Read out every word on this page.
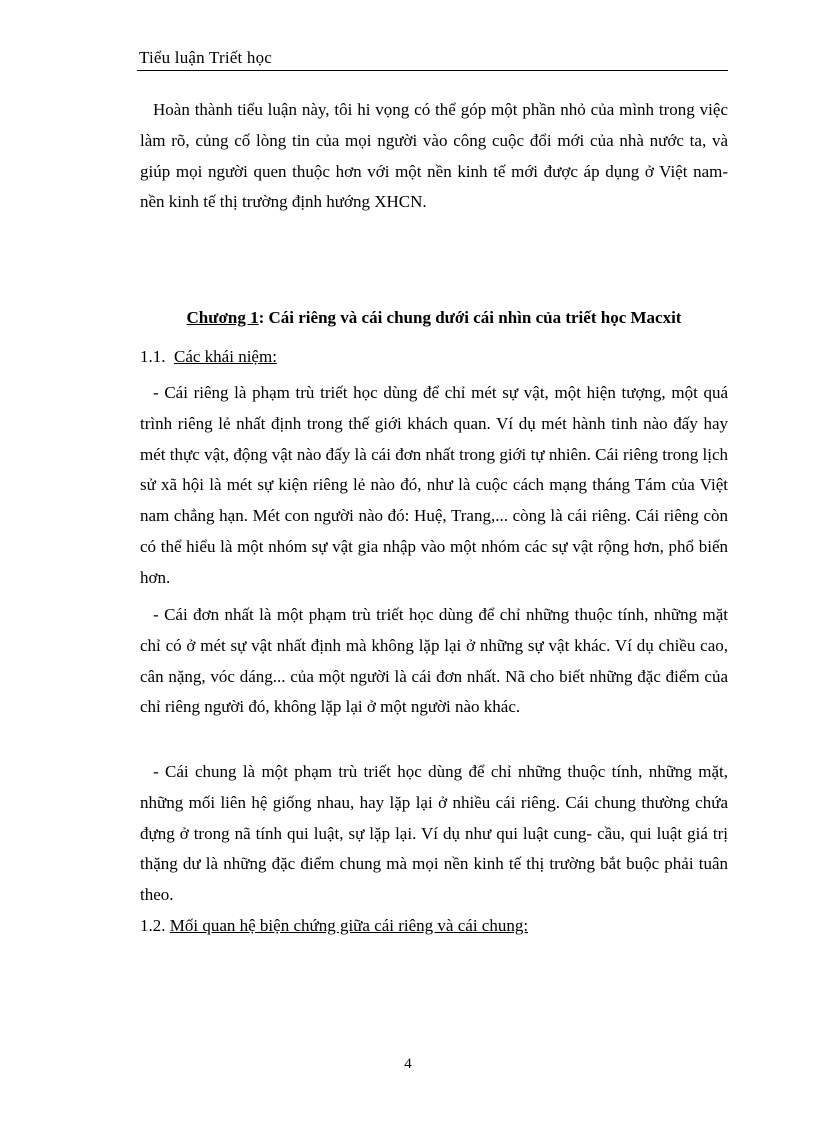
Tiểu luận Triết học

Hoàn thành tiểu luận này, tôi hi vọng có thể góp một phần nhỏ của mình trong việc làm rõ, củng cố lòng tin của mọi người vào công cuộc đổi mới của nhà nước ta, và giúp mọi người quen thuộc hơn với một nền kinh tế mới được áp dụng ở Việt nam- nền kinh tế thị trường định hướng XHCN.

Chương 1: Cái riêng và cái chung dưới cái nhìn của triết học Macxit
1.1. Các khái niệm:

- Cái riêng là phạm trù triết học dùng để chỉ mét sự vật, một hiện tượng, một quá trình riêng lẻ nhất định trong thế giới khách quan. Ví dụ mét hành tinh nào đấy hay mét thực vật, động vật nào đấy là cái đơn nhất trong giới tự nhiên. Cái riêng trong lịch sử xã hội là mét sự kiện riêng lẻ nào đó, như là cuộc cách mạng tháng Tám của Việt nam chẳng hạn. Mét con người nào đó: Huệ, Trang,... còng là cái riêng. Cái riêng còn có thể hiểu là một nhóm sự vật gia nhập vào một nhóm các sự vật rộng hơn, phổ biến hơn.

- Cái đơn nhất là một phạm trù triết học dùng để chỉ những thuộc tính, những mặt chỉ có ở mét sự vật nhất định mà không lặp lại ở những sự vật khác. Ví dụ chiều cao, cân nặng, vóc dáng... của một người là cái đơn nhất. Nã cho biết những đặc điểm của chỉ riêng người đó, không lặp lại ở một người nào khác.

- Cái chung là một phạm trù triết học dùng để chỉ những thuộc tính, những mặt, những mối liên hệ giống nhau, hay lặp lại ở nhiều cái riêng. Cái chung thường chứa đựng ở trong nã tính qui luật, sự lặp lại. Ví dụ như qui luật cung- cầu, qui luật giá trị thặng dư là những đặc điểm chung mà mọi nền kinh tế thị trường bắt buộc phải tuân theo.

1.2. Mối quan hệ biện chứng giữa cái riêng và cái chung:
4
